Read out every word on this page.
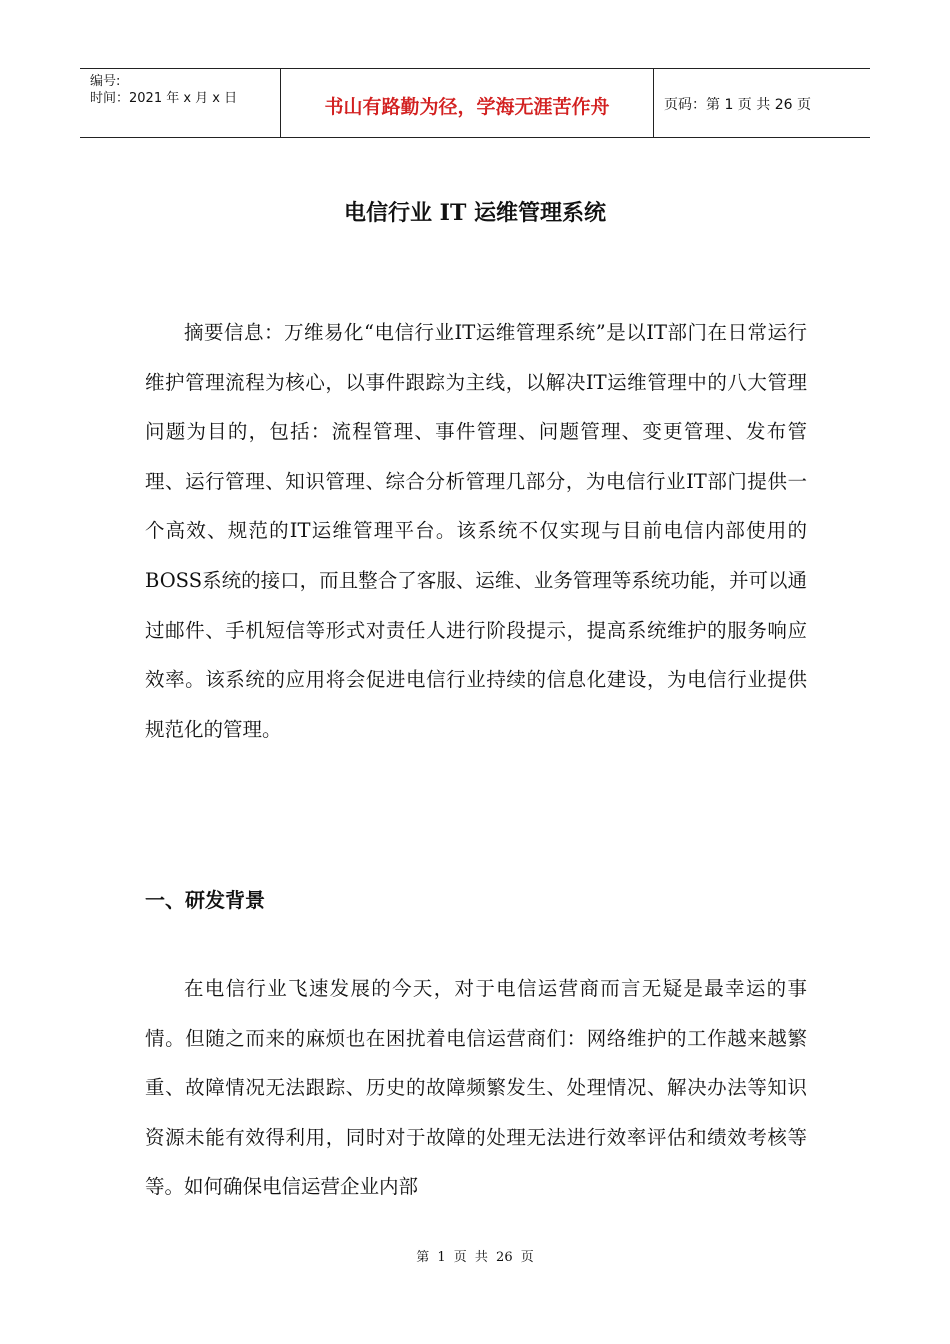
编号:
时间：2021 年 x 月 x 日	书山有路勤为径，学海无涯苦作舟	页码：第 1 页 共 26 页
电信行业 IT 运维管理系统

摘要信息：万维易化“电信行业IT运维管理系统”是以IT部门在日常运行维护管理流程为核心，以事件跟踪为主线，以解决IT运维管理中的八大管理问题为目的，包括：流程管理、事件管理、问题管理、变更管理、发布管理、运行管理、知识管理、综合分析管理几部分，为电信行业IT部门提供一个高效、规范的IT运维管理平台。该系统不仅实现与目前电信内部使用的BOSS系统的接口，而且整合了客服、运维、业务管理等系统功能，并可以通过邮件、手机短信等形式对责任人进行阶段提示，提高系统维护的服务响应效率。该系统的应用将会促进电信行业持续的信息化建设，为电信行业提供规范化的管理。

一、研发背景

在电信行业飞速发展的今天，对于电信运营商而言无疑是最幸运的事情。但随之而来的麻烦也在困扰着电信运营商们：网络维护的工作越来越繁重、故障情况无法跟踪、历史的故障频繁发生、处理情况、解决办法等知识资源未能有效得利用，同时对于故障的处理无法进行效率评估和绩效考核等等。如何确保电信运营企业内部

第 1 页 共 26 页
